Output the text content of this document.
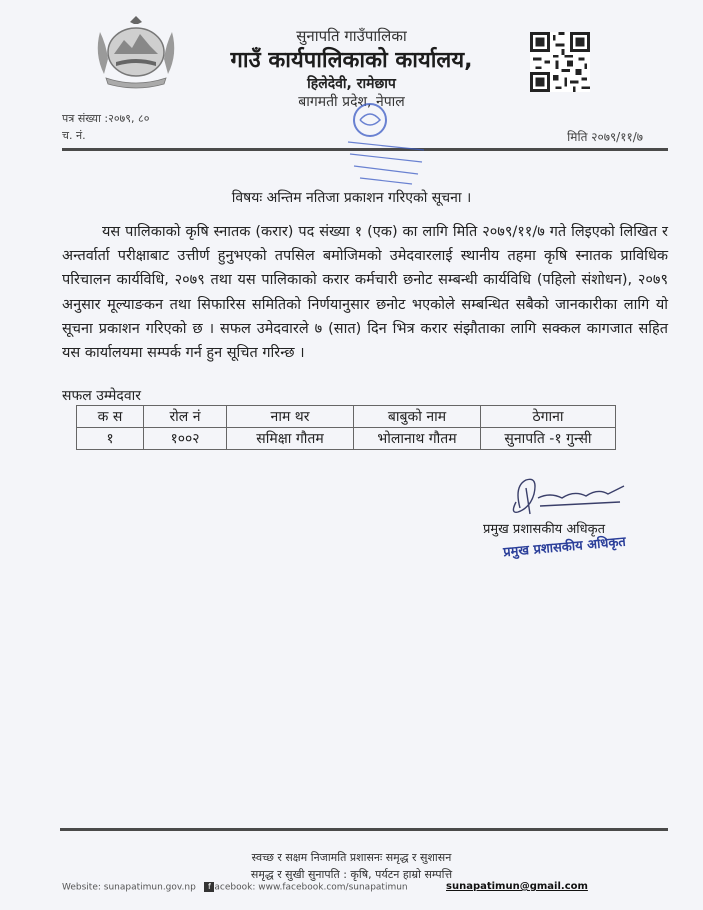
सुनापति गाउँपालिका
गाउँ कार्यपालिकाको कार्यालय,
हिलेदेवी, रामेछाप
बागमती प्रदेश, नेपाल
पत्र संख्या :२०७९, ८०
च. नं.	मिति २०७९/११/७
विषयः अन्तिम नतिजा प्रकाशन गरिएको सूचना ।
यस पालिकाको कृषि स्नातक (करार) पद संख्या १ (एक) का लागि मिति २०७९/११/७ गते लिइएको लिखित र अन्तर्वार्ता परीक्षाबाट उत्तीर्ण हुनुभएको तपसिल बमोजिमको उमेदवारलाई स्थानीय तहमा कृषि स्नातक प्राविधिक परिचालन कार्यविधि, २०७९ तथा यस पालिकाको करार कर्मचारी छनोट सम्बन्धी कार्यविधि (पहिलो संशोधन), २०७९ अनुसार मूल्याङकन तथा सिफारिस समितिको निर्णयानुसार छनोट भएकोले सम्बन्धित सबैको जानकारीका लागि यो सूचना प्रकाशन गरिएको छ । सफल उमेदवारले ७ (सात) दिन भित्र करार संझौताका लागि सक्कल कागजात सहित यस कार्यालयमा सम्पर्क गर्न हुन सूचित गरिन्छ ।
सफल उम्मेदवार
क स	रोल नं	नाम थर	बाबुको नाम	ठेगाना
१	१००२	समिक्षा गौतम	भोलानाथ गौतम	सुनापति -१ गुन्सी
प्रमुख प्रशासकीय अधिकृत
प्रमुख प्रशासकीय अधिकृत
स्वच्छ र सक्षम निजामति प्रशासनः समृद्ध र सुशासन
समृद्ध र सुखी सुनापति : कृषि, पर्यटन हाम्रो सम्पत्ति
Website: sunapatimun.gov.np f acebook: www.facebook.com/sunapatimun	sunapatimun@gmail.com
